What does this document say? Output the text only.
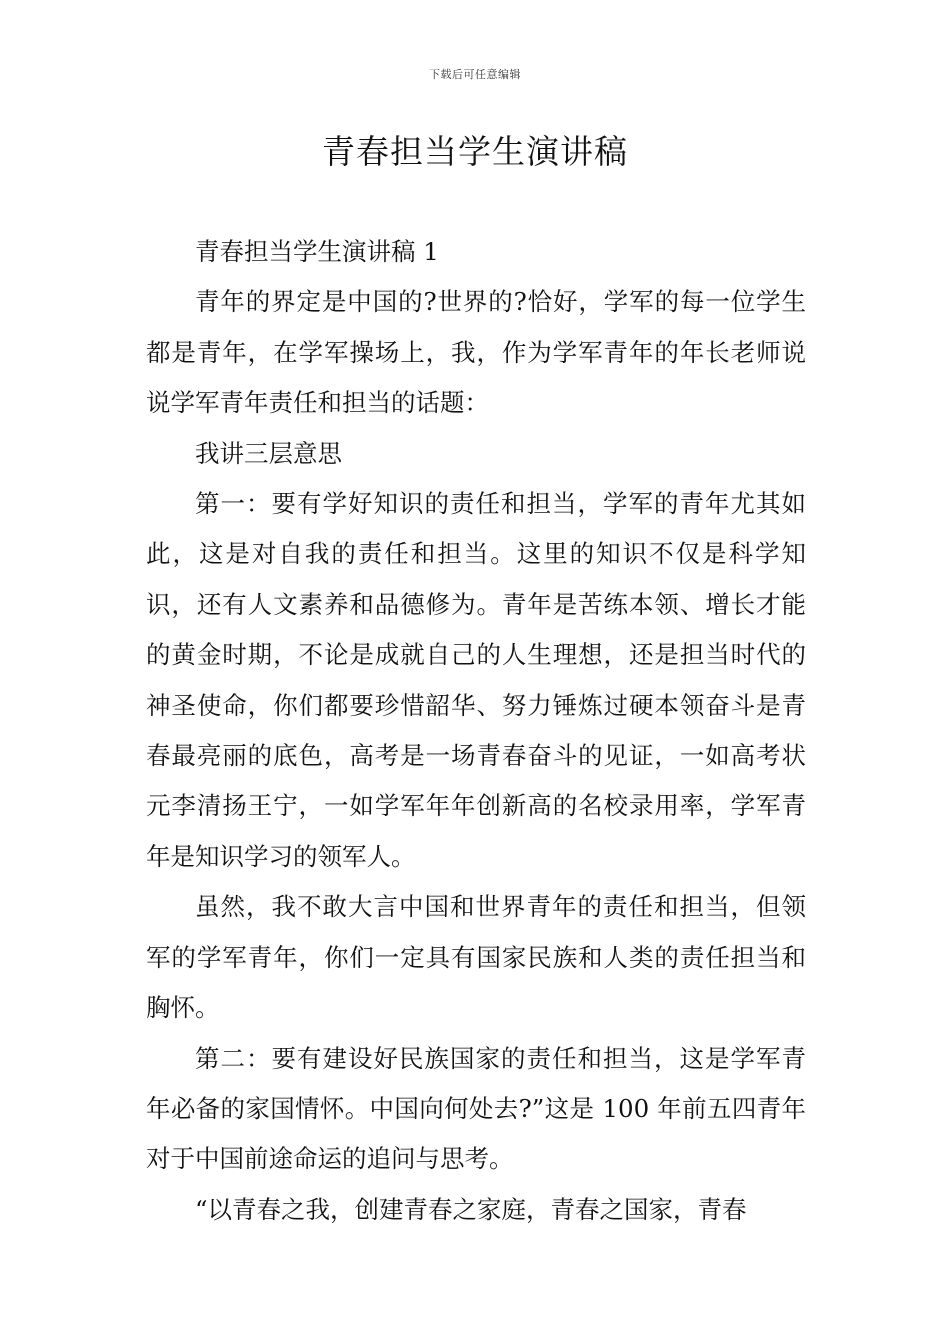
下载后可任意编辑
青春担当学生演讲稿

青春担当学生演讲稿 1

青年的界定是中国的?世界的?恰好，学军的每一位学生都是青年，在学军操场上，我，作为学军青年的年长老师说说学军青年责任和担当的话题：

我讲三层意思

第一：要有学好知识的责任和担当，学军的青年尤其如此，这是对自我的责任和担当。这里的知识不仅是科学知识，还有人文素养和品德修为。青年是苦练本领、增长才能的黄金时期，不论是成就自己的人生理想，还是担当时代的神圣使命，你们都要珍惜韶华、努力锤炼过硬本领奋斗是青春最亮丽的底色，高考是一场青春奋斗的见证，一如高考状元李清扬王宁，一如学军年年创新高的名校录用率，学军青年是知识学习的领军人。

虽然，我不敢大言中国和世界青年的责任和担当，但领军的学军青年，你们一定具有国家民族和人类的责任担当和胸怀。

第二：要有建设好民族国家的责任和担当，这是学军青年必备的家国情怀。中国向何处去?”这是 100 年前五四青年对于中国前途命运的追问与思考。

“以青春之我，创建青春之家庭，青春之国家，青春
